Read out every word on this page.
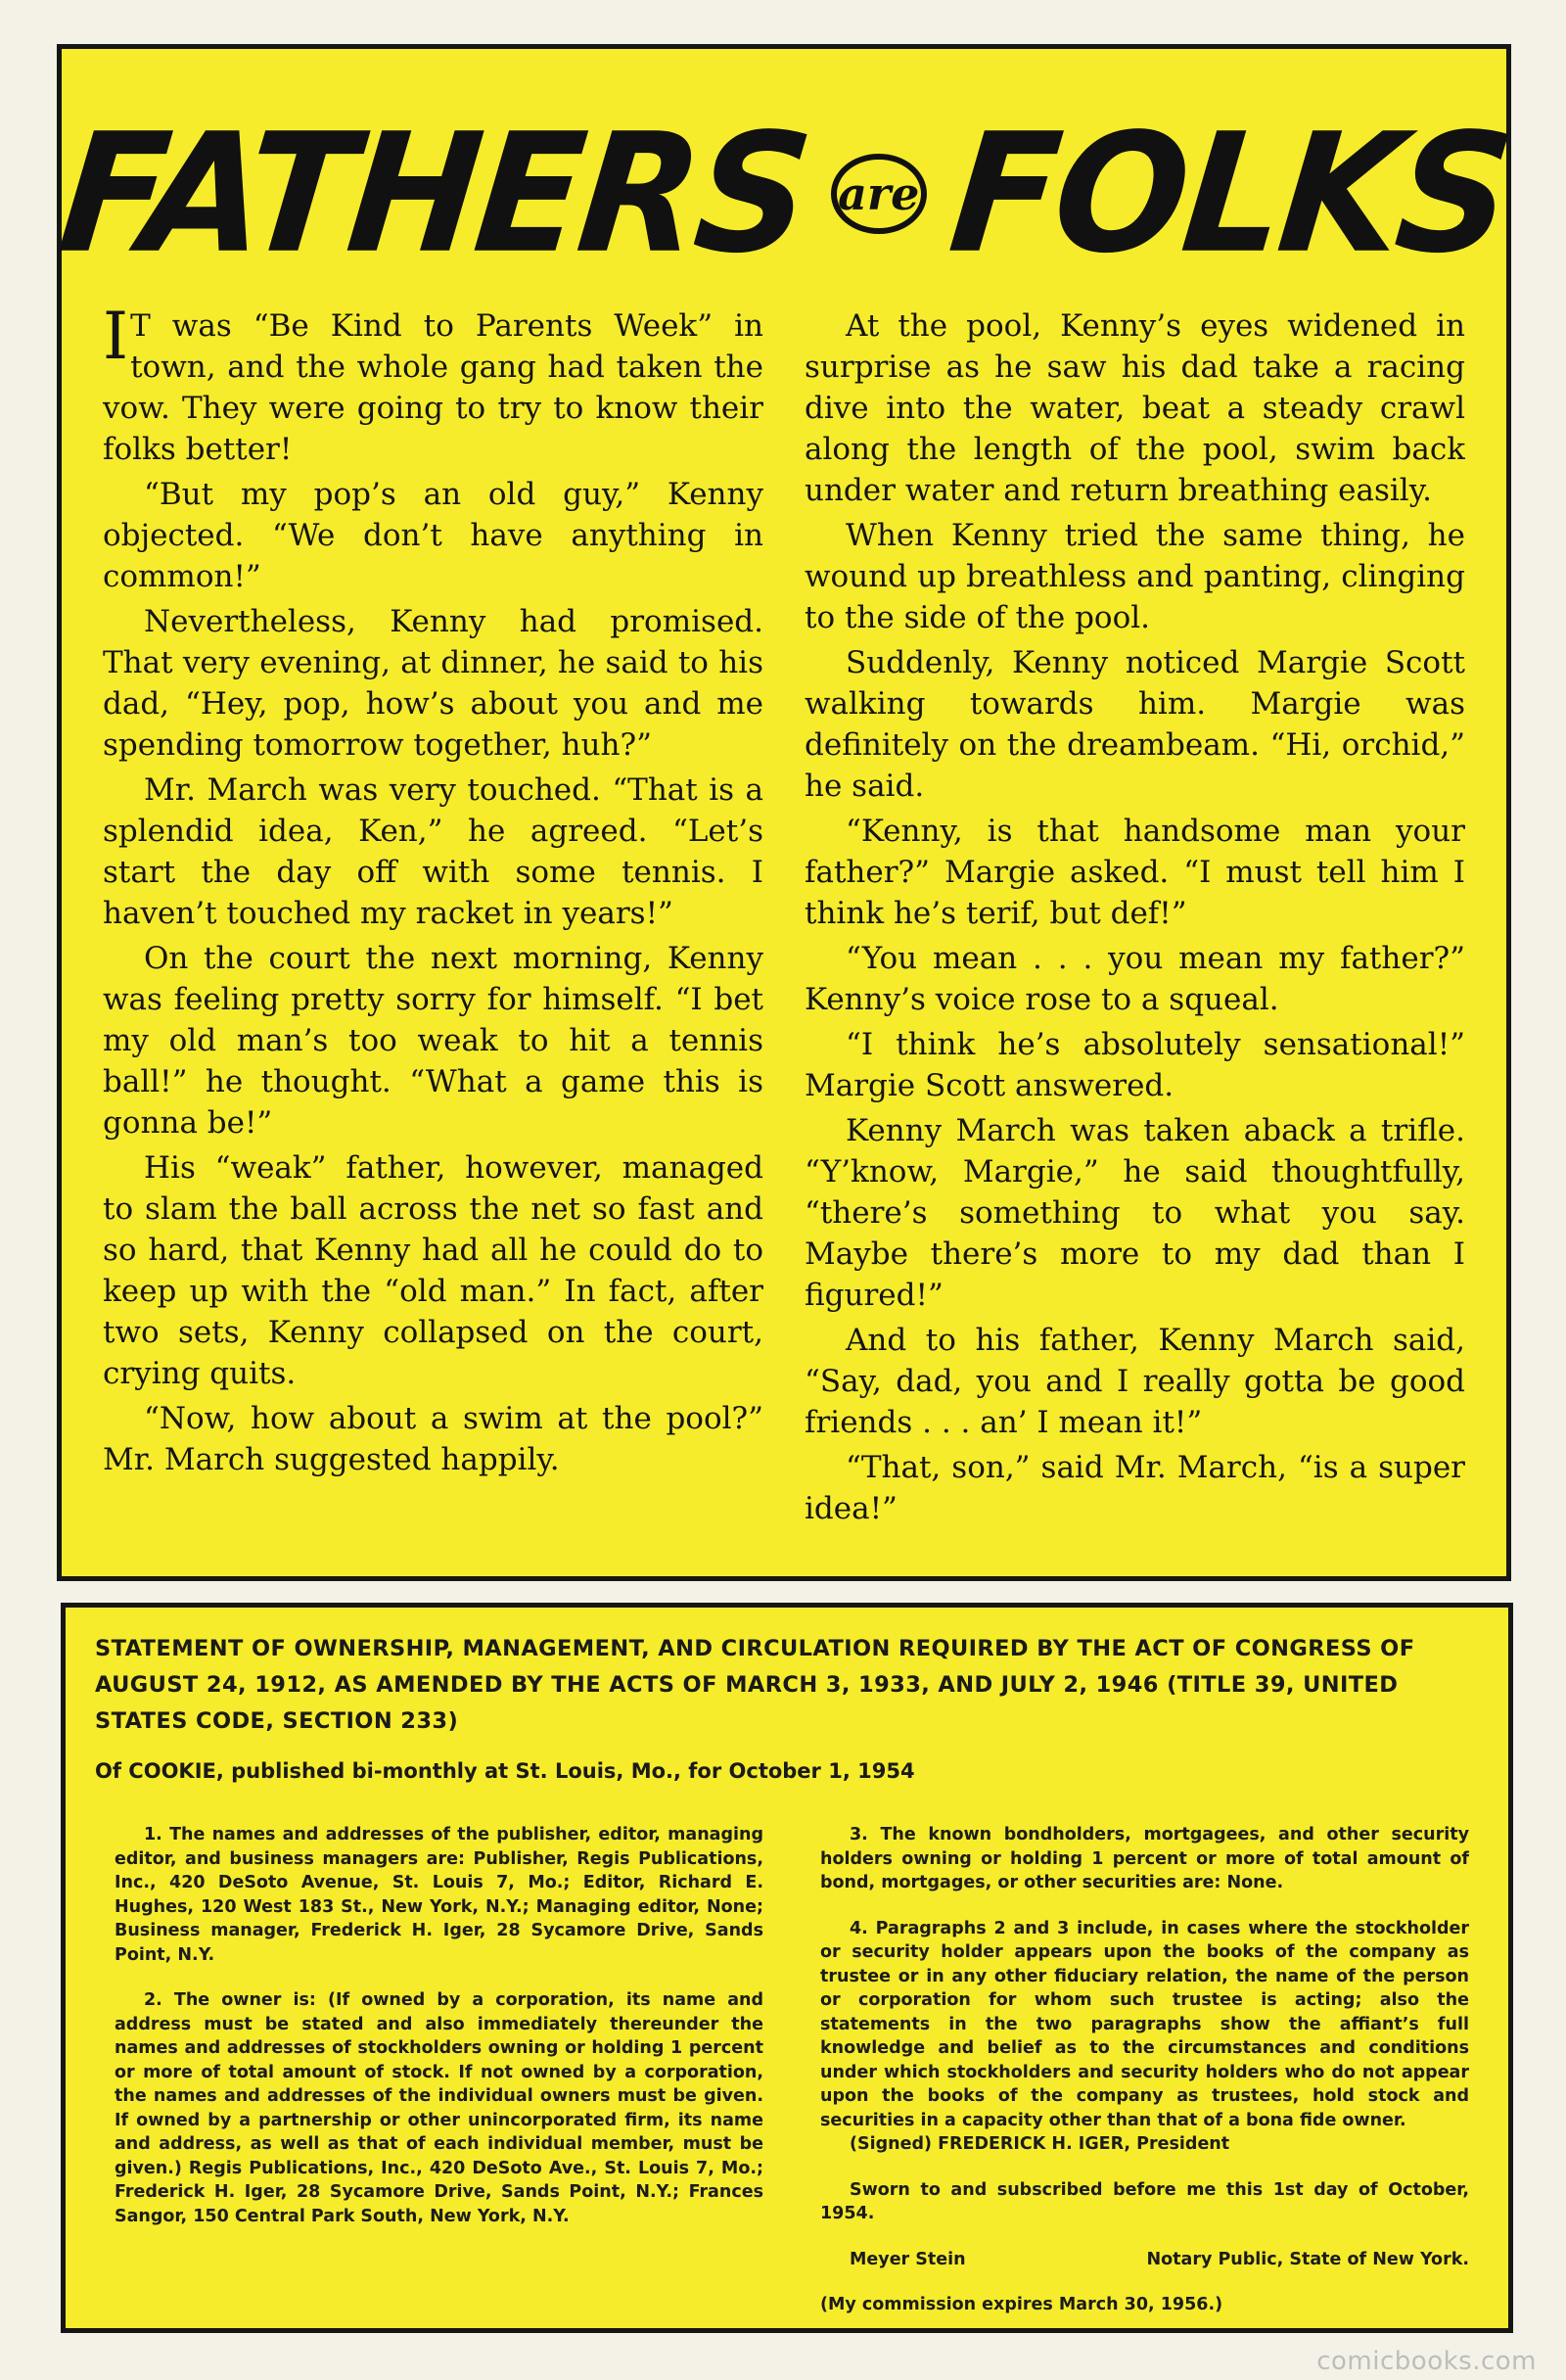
FATHERS are FOLKS

I T was “Be Kind to Parents Week” in town, and the whole gang had taken the vow. They were going to try to know their folks better!

“But my pop’s an old guy,” Kenny objected. “We don’t have anything in common!”

Nevertheless, Kenny had promised. That very evening, at dinner, he said to his dad, “Hey, pop, how’s about you and me spending tomorrow together, huh?”

Mr. March was very touched. “That is a splendid idea, Ken,” he agreed. “Let’s start the day off with some tennis. I haven’t touched my racket in years!”

On the court the next morning, Kenny was feeling pretty sorry for himself. “I bet my old man’s too weak to hit a tennis ball!” he thought. “What a game this is gonna be!”

His “weak” father, however, managed to slam the ball across the net so fast and so hard, that Kenny had all he could do to keep up with the “old man.” In fact, after two sets, Kenny collapsed on the court, crying quits.

“Now, how about a swim at the pool?” Mr. March suggested happily.

At the pool, Kenny’s eyes widened in surprise as he saw his dad take a racing dive into the water, beat a steady crawl along the length of the pool, swim back under water and return breathing easily.

When Kenny tried the same thing, he wound up breathless and panting, clinging to the side of the pool.

Suddenly, Kenny noticed Margie Scott walking towards him. Margie was definitely on the dreambeam. “Hi, orchid,” he said.

“Kenny, is that handsome man your father?” Margie asked. “I must tell him I think he’s terif, but def!”

“You mean . . . you mean my father?” Kenny’s voice rose to a squeal.

“I think he’s absolutely sensational!” Margie Scott answered.

Kenny March was taken aback a trifle. “Y’know, Margie,” he said thoughtfully, “there’s something to what you say. Maybe there’s more to my dad than I figured!”

And to his father, Kenny March said, “Say, dad, you and I really gotta be good friends . . . an’ I mean it!”

“That, son,” said Mr. March, “is a super idea!”

STATEMENT OF OWNERSHIP, MANAGEMENT, AND CIRCULATION REQUIRED BY THE ACT OF CONGRESS OF AUGUST 24, 1912, AS AMENDED BY THE ACTS OF MARCH 3, 1933, AND JULY 2, 1946 (TITLE 39, UNITED STATES CODE, SECTION 233)
Of COOKIE, published bi-monthly at St. Louis, Mo., for October 1, 1954

1. The names and addresses of the publisher, editor, managing editor, and business managers are: Publisher, Regis Publications, Inc., 420 DeSoto Avenue, St. Louis 7, Mo.; Editor, Richard E. Hughes, 120 West 183 St., New York, N.Y.; Managing editor, None; Business manager, Frederick H. Iger, 28 Sycamore Drive, Sands Point, N.Y.

2. The owner is: (If owned by a corporation, its name and address must be stated and also immediately thereunder the names and addresses of stockholders owning or holding 1 percent or more of total amount of stock. If not owned by a corporation, the names and addresses of the individual owners must be given. If owned by a partnership or other unincorporated firm, its name and address, as well as that of each individual member, must be given.) Regis Publications, Inc., 420 DeSoto Ave., St. Louis 7, Mo.; Frederick H. Iger, 28 Sycamore Drive, Sands Point, N.Y.; Frances Sangor, 150 Central Park South, New York, N.Y.

3. The known bondholders, mortgagees, and other security holders owning or holding 1 percent or more of total amount of bond, mortgages, or other securities are: None.

4. Paragraphs 2 and 3 include, in cases where the stockholder or security holder appears upon the books of the company as trustee or in any other fiduciary relation, the name of the person or corporation for whom such trustee is acting; also the statements in the two paragraphs show the affiant’s full knowledge and belief as to the circumstances and conditions under which stockholders and security holders who do not appear upon the books of the company as trustees, hold stock and securities in a capacity other than that of a bona fide owner.

(Signed) FREDERICK H. IGER, President

Sworn to and subscribed before me this 1st day of October, 1954.

Meyer Stein	Notary Public, State of New York.

(My commission expires March 30, 1956.)

comicbooks.com
